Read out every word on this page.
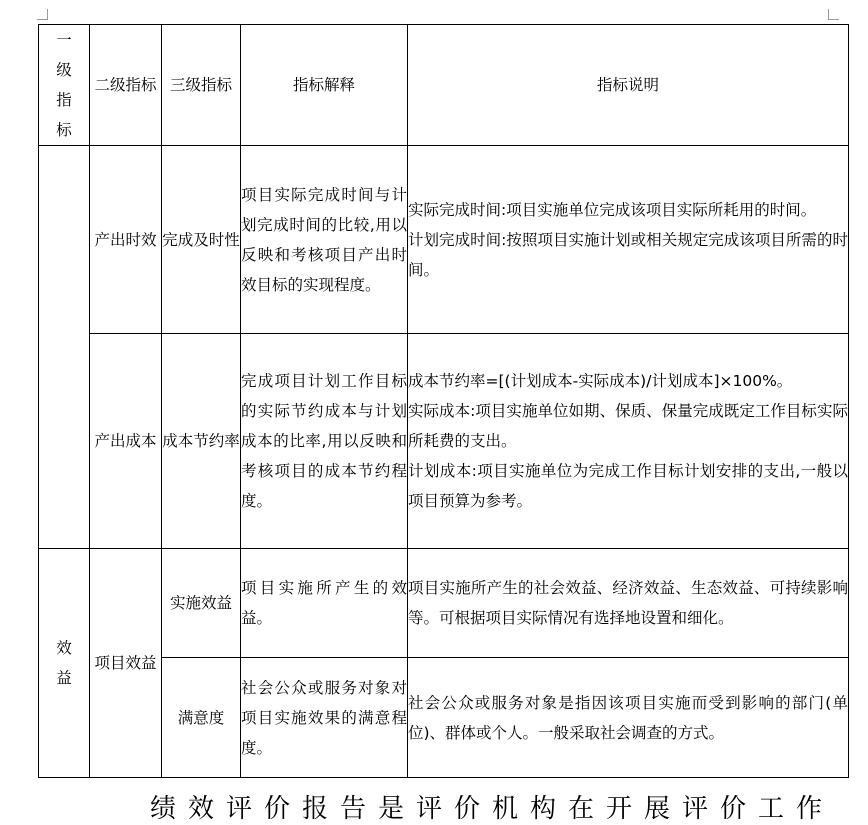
一级指标	二级指标	三级指标	指标解释	指标说明
	产出时效	完成及时性	项目实际完成时间与计划完成时间的比较,用以反映和考核项目产出时效目标的实现程度。	实际完成时间:项目实施单位完成该项目实际所耗用的时间。
计划完成时间:按照项目实施计划或相关规定完成该项目所需的时间。

	产出成本	成本节约率	完成项目计划工作目标的实际节约成本与计划成本的比率,用以反映和考核项目的成本节约程度。	成本节约率=[(计划成本-实际成本)/计划成本]×100%。
实际成本:项目实施单位如期、保质、保量完成既定工作目标实际所耗费的支出。
计划成本:项目实施单位为完成工作目标计划安排的支出,一般以项目预算为参考。

效益	项目效益	实施效益	项目实施所产生的效益。	项目实施所产生的社会效益、经济效益、生态效益、可持续影响等。可根据项目实际情况有选择地设置和细化。

		满意度	社会公众或服务对象对项目实施效果的满意程度。	社会公众或服务对象是指因该项目实施而受到影响的部门(单位)、群体或个人。一般采取社会调查的方式。
绩效评价报告是评价机构在开展评价工作
